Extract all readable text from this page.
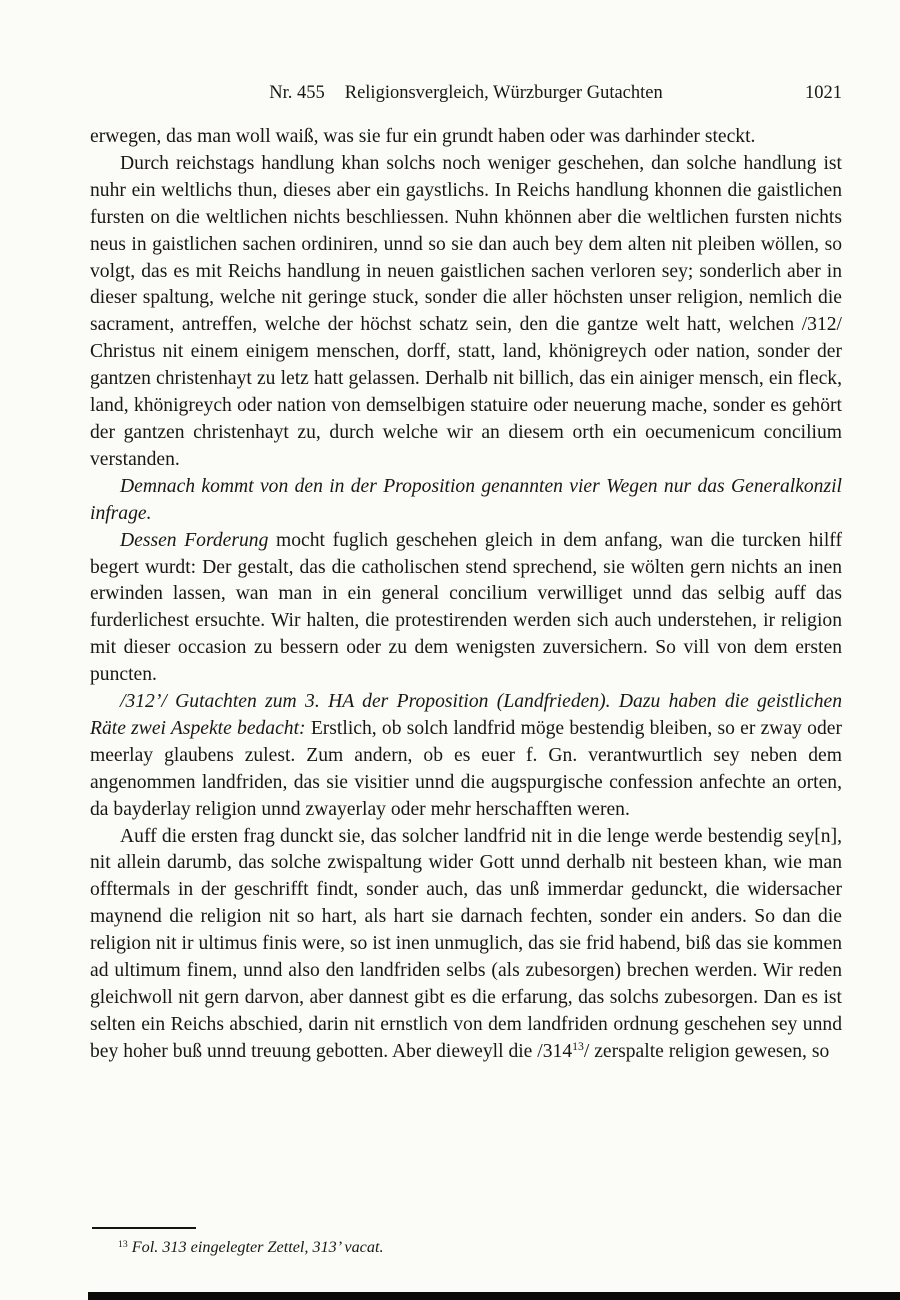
Nr. 455 Religionsvergleich, Würzburger Gutachten	1021

erwegen, das man woll waiß, was sie fur ein grundt haben oder was darhinder steckt.

Durch reichstags handlung khan solchs noch weniger geschehen, dan solche handlung ist nuhr ein weltlichs thun, dieses aber ein gaystlichs. In Reichs handlung khonnen die gaistlichen fursten on die weltlichen nichts beschliessen. Nuhn khönnen aber die weltlichen fursten nichts neus in gaistlichen sachen ordiniren, unnd so sie dan auch bey dem alten nit pleiben wöllen, so volgt, das es mit Reichs handlung in neuen gaistlichen sachen verloren sey; sonderlich aber in dieser spaltung, welche nit geringe stuck, sonder die aller höchsten unser religion, nemlich die sacrament, antreffen, welche der höchst schatz sein, den die gantze welt hatt, welchen /312/ Christus nit einem einigem menschen, dorff, statt, land, khönigreych oder nation, sonder der gantzen christenhayt zu letz hatt gelassen. Derhalb nit billich, das ein ainiger mensch, ein fleck, land, khönigreych oder nation von demselbigen statuire oder neuerung mache, sonder es gehört der gantzen christenhayt zu, durch welche wir an diesem orth ein oecumenicum concilium verstanden.

Demnach kommt von den in der Proposition genannten vier Wegen nur das Generalkonzil infrage.

Dessen Forderung mocht fuglich geschehen gleich in dem anfang, wan die turcken hilff begert wurdt: Der gestalt, das die catholischen stend sprechend, sie wölten gern nichts an inen erwinden lassen, wan man in ein general concilium verwilliget unnd das selbig auff das furderlichest ersuchte. Wir halten, die protestirenden werden sich auch understehen, ir religion mit dieser occasion zu bessern oder zu dem wenigsten zuversichern. So vill von dem ersten puncten.

/312’/ Gutachten zum 3. HA der Proposition (Landfrieden). Dazu haben die geistlichen Räte zwei Aspekte bedacht: Erstlich, ob solch landfrid möge bestendig bleiben, so er zway oder meerlay glaubens zulest. Zum andern, ob es euer f. Gn. verantwurtlich sey neben dem angenommen landfriden, das sie visitier unnd die augspurgische confession anfechte an orten, da bayderlay religion unnd zwayerlay oder mehr herschafften weren.

Auff die ersten frag dunckt sie, das solcher landfrid nit in die lenge werde bestendig sey[n], nit allein darumb, das solche zwispaltung wider Gott unnd derhalb nit besteen khan, wie man offtermals in der geschrifft findt, sonder auch, das unß immerdar gedunckt, die widersacher maynend die religion nit so hart, als hart sie darnach fechten, sonder ein anders. So dan die religion nit ir ultimus finis were, so ist inen unmuglich, das sie frid habend, biß das sie kommen ad ultimum finem, unnd also den landfriden selbs (als zubesorgen) brechen werden. Wir reden gleichwoll nit gern darvon, aber dannest gibt es die erfarung, das solchs zubesorgen. Dan es ist selten ein Reichs abschied, darin nit ernstlich von dem landfriden ordnung geschehen sey unnd bey hoher buß unnd treuung gebotten. Aber dieweyll die /314$^{13}$/ zerspalte religion gewesen, so

$^{13}$ Fol. 313 eingelegter Zettel, 313’ vacat.
